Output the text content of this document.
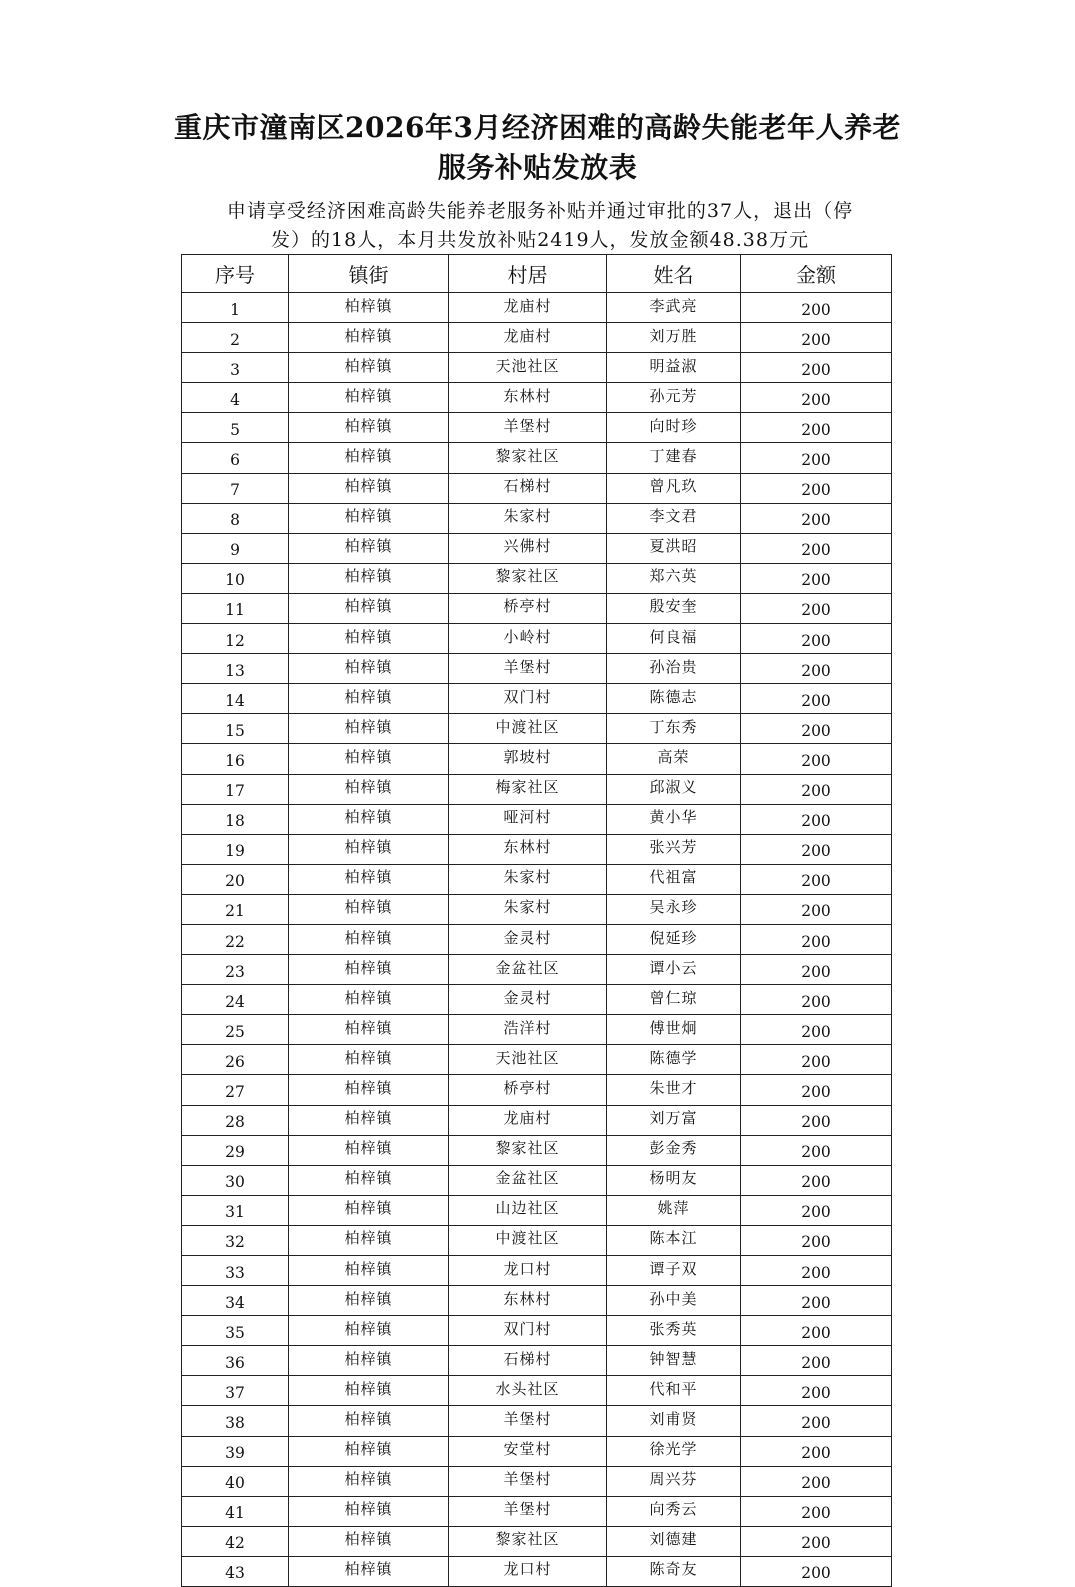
重庆市潼南区2026年3月经济困难的高龄失能老年人养老
服务补贴发放表
申请享受经济困难高龄失能养老服务补贴并通过审批的37人，退出（停
发）的18人，本月共发放补贴2419人，发放金额48.38万元
序号	镇街	村居	姓名	金额
1	柏梓镇	龙庙村	李武亮	200
2	柏梓镇	龙庙村	刘万胜	200
3	柏梓镇	天池社区	明益淑	200
4	柏梓镇	东林村	孙元芳	200
5	柏梓镇	羊堡村	向时珍	200
6	柏梓镇	黎家社区	丁建春	200
7	柏梓镇	石梯村	曾凡玖	200
8	柏梓镇	朱家村	李文君	200
9	柏梓镇	兴佛村	夏洪昭	200
10	柏梓镇	黎家社区	郑六英	200
11	柏梓镇	桥亭村	殷安奎	200
12	柏梓镇	小岭村	何良福	200
13	柏梓镇	羊堡村	孙治贵	200
14	柏梓镇	双门村	陈德志	200
15	柏梓镇	中渡社区	丁东秀	200
16	柏梓镇	郭坡村	高荣	200
17	柏梓镇	梅家社区	邱淑义	200
18	柏梓镇	哑河村	黄小华	200
19	柏梓镇	东林村	张兴芳	200
20	柏梓镇	朱家村	代祖富	200
21	柏梓镇	朱家村	吴永珍	200
22	柏梓镇	金灵村	倪延珍	200
23	柏梓镇	金盆社区	谭小云	200
24	柏梓镇	金灵村	曾仁琼	200
25	柏梓镇	浩洋村	傅世炯	200
26	柏梓镇	天池社区	陈德学	200
27	柏梓镇	桥亭村	朱世才	200
28	柏梓镇	龙庙村	刘万富	200
29	柏梓镇	黎家社区	彭金秀	200
30	柏梓镇	金盆社区	杨明友	200
31	柏梓镇	山边社区	姚萍	200
32	柏梓镇	中渡社区	陈本江	200
33	柏梓镇	龙口村	谭子双	200
34	柏梓镇	东林村	孙中美	200
35	柏梓镇	双门村	张秀英	200
36	柏梓镇	石梯村	钟智慧	200
37	柏梓镇	水头社区	代和平	200
38	柏梓镇	羊堡村	刘甫贤	200
39	柏梓镇	安堂村	徐光学	200
40	柏梓镇	羊堡村	周兴芬	200
41	柏梓镇	羊堡村	向秀云	200
42	柏梓镇	黎家社区	刘德建	200
43	柏梓镇	龙口村	陈奇友	200
